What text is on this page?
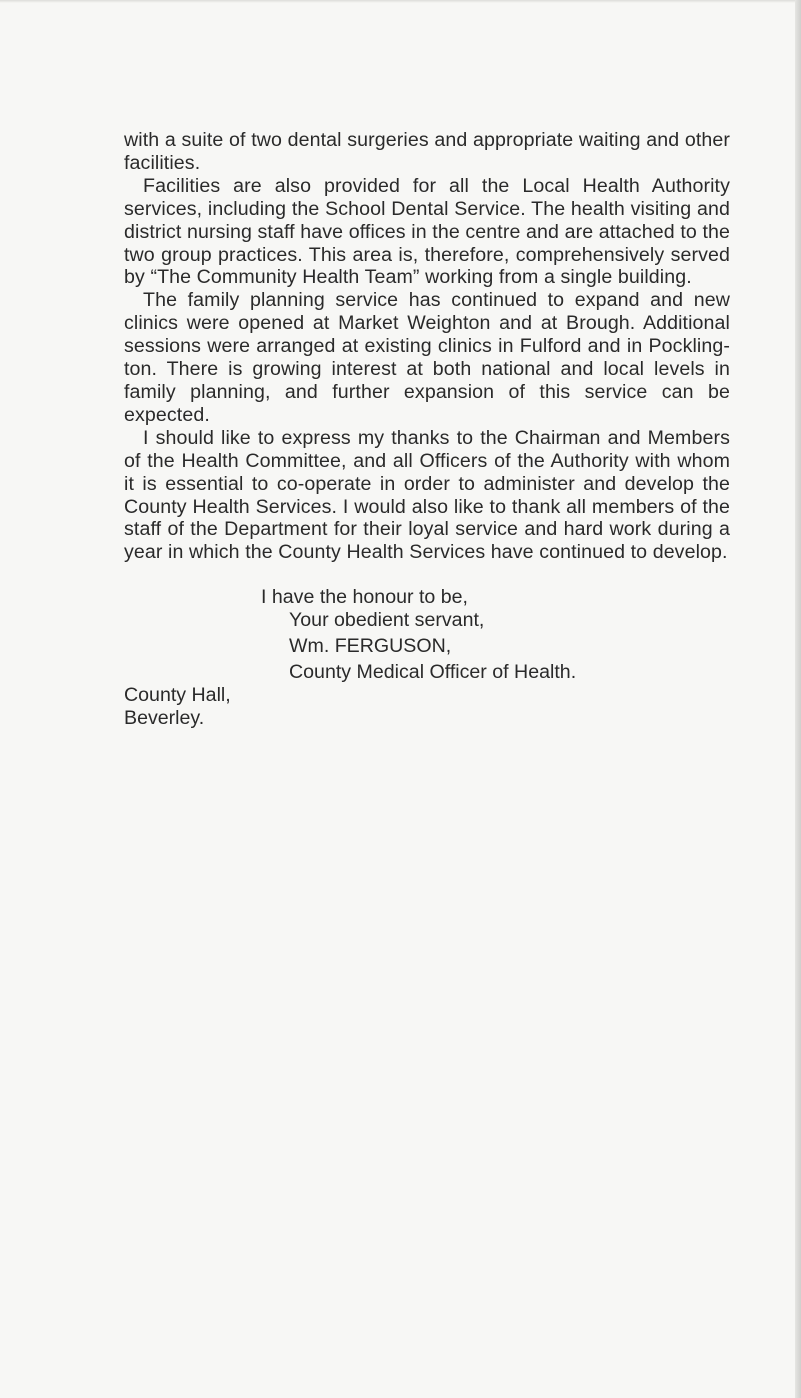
with a suite of two dental surgeries and appropriate waiting and other facilities.

Facilities are also provided for all the Local Health Authority services, including the School Dental Service. The health visiting and district nursing staff have offices in the centre and are attached to the two group practices. This area is, therefore, comprehensively served by “The Community Health Team” working from a single building.

The family planning service has continued to expand and new clinics were opened at Market Weighton and at Brough. Additional sessions were arranged at existing clinics in Fulford and in Pockling-ton. There is growing interest at both national and local levels in family planning, and further expansion of this service can be expected.

I should like to express my thanks to the Chairman and Members of the Health Committee, and all Officers of the Authority with whom it is essential to co-operate in order to administer and develop the County Health Services. I would also like to thank all members of the staff of the Department for their loyal service and hard work during a year in which the County Health Services have continued to develop.

I have the honour to be,
Your obedient servant,
Wm. FERGUSON,
County Medical Officer of Health.
County Hall,
Beverley.
